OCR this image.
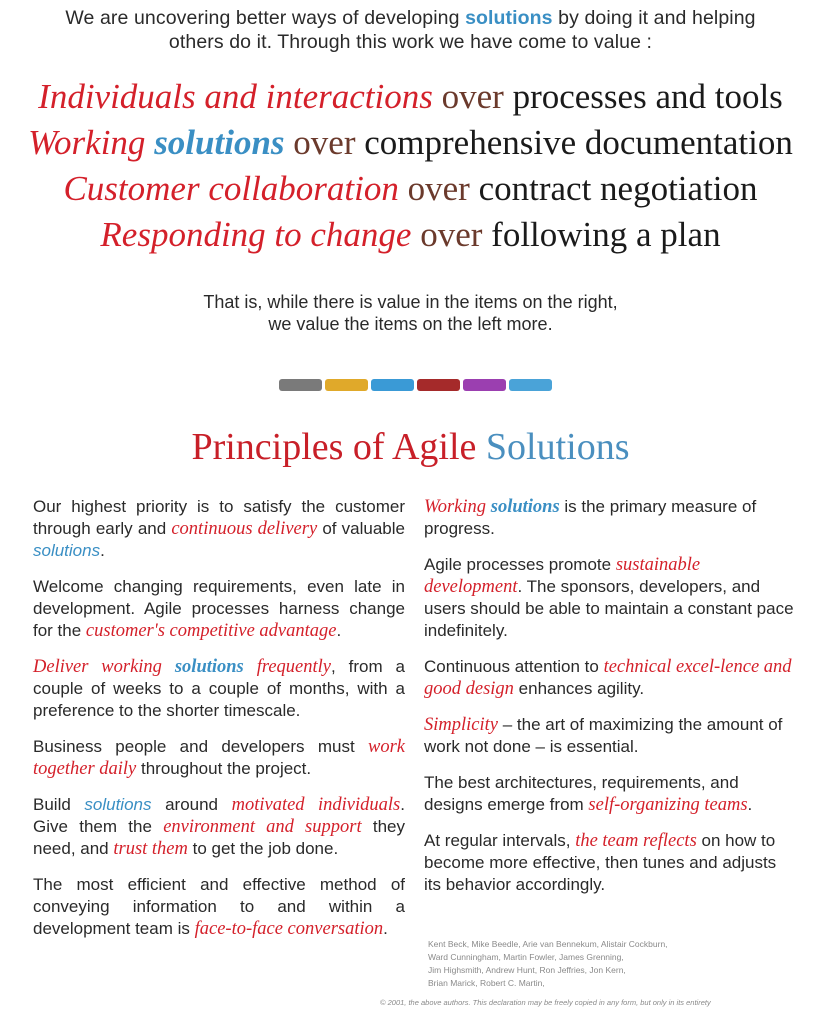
We are uncovering better ways of developing solutions by doing it and helping
others do it. Through this work we have come to value :
Individuals and interactions over processes and tools
Working solutions over comprehensive documentation
Customer collaboration over contract negotiation
Responding to change over following a plan
That is, while there is value in the items on the right,
we value the items on the left more.
Principles of Agile Solutions

Our highest priority is to satisfy the customer through early and continuous delivery of valuable solutions.

Welcome changing requirements, even late in development. Agile processes harness change for the customer's competitive advantage.

Deliver working solutions frequently, from a couple of weeks to a couple of months, with a preference to the shorter timescale.

Business people and developers must work together daily throughout the project.

Build solutions around motivated individuals. Give them the environment and support they need, and trust them to get the job done.

The most efficient and effective method of conveying information to and within a development team is face-to-face conversation.

Working solutions is the primary measure of progress.

Agile processes promote sustainable development. The sponsors, developers, and users should be able to maintain a constant pace indefinitely.

Continuous attention to technical excel-lence and good design enhances agility.

Simplicity – the art of maximizing the amount of work not done – is essential.

The best architectures, requirements, and designs emerge from self-organizing teams.

At regular intervals, the team reflects on how to become more effective, then tunes and adjusts its behavior accordingly.

Kent Beck, Mike Beedle, Arie van Bennekum, Alistair Cockburn,
Ward Cunningham, Martin Fowler, James Grenning,
Jim Highsmith, Andrew Hunt, Ron Jeffries, Jon Kern,
Brian Marick, Robert C. Martin,
© 2001, the above authors. This declaration may be freely copied in any form, but only in its entirety
